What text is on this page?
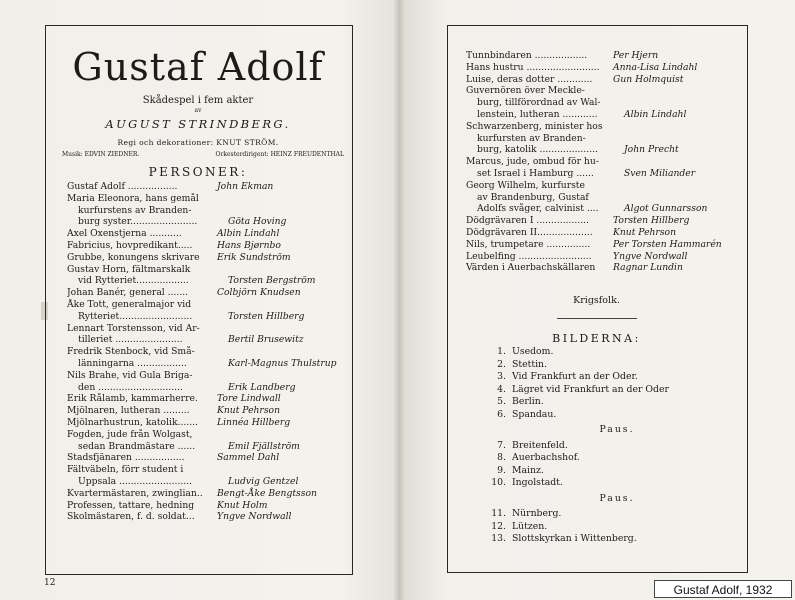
Gustaf Adolf
Skådespel i fem akter
av
AUGUST STRINDBERG.
Regi och dekorationer: KNUT STRÖM.
Musik: EDVIN ZIEDNER.	Orkesterdirigent: HEINZ FREUDENTHAL
PERSONER:
Gustaf Adolf .................	John Ekman
Maria Eleonora, hans gemål
kurfurstens av Branden-
burg syster.......................	Göta Hoving
Axel Oxenstjerna ...........	Albin Lindahl
Fabricius, hovpredikant.....	Hans Bjørnbo
Grubbe, konungens skrivare	Erik Sundström
Gustav Horn, fältmarskalk
vid Rytteriet..................	Torsten Bergström
Johan Banér, general .......	Colbjörn Knudsen
Åke Tott, generalmajor vid
Rytteriet.........................	Torsten Hillberg
Lennart Torstensson, vid Ar-
tilleriet .......................	Bertil Brusewitz
Fredrik Stenbock, vid Små-
länningarna .................	Karl-Magnus Thulstrup
Nils Brahe, vid Gula Briga-
den .............................	Erik Landberg
Erik Rålamb, kammarherre.	Tore Lindwall
Mjölnaren, lutheran .........	Knut Pehrson
Mjölnarhustrun, katolik.......	Linnéa Hillberg
Fogden, jude från Wolgast,
sedan Brandmästare ......	Emil Fjällström
Stadsfjänaren .................	Sammel Dahl
Fältväbeln, förr student i
Uppsala .........................	Ludvig Gentzel
Kvartermästaren, zwinglian..	Bengt-Åke Bengtsson
Professen, tattare, hedning	Knut Holm
Skolmästaren, f. d. soldat...	Yngve Nordwall
Tunnbindaren ..................	Per Hjern
Hans hustru .........................	Anna-Lisa Lindahl
Luise, deras dotter ............	Gun Holmquist
Guvernören över Meckle-
burg, tillförordnad av Wal-
lenstein, lutheran ............	Albin Lindahl
Schwarzenberg, minister hos
kurfursten av Branden-
burg, katolik ....................	John Precht
Marcus, jude, ombud för hu-
set Israel i Hamburg ......	Sven Miliander
Georg Wilhelm, kurfurste
av Brandenburg, Gustaf
Adolfs svåger, calvinist ....	Algot Gunnarsson
Dödgrävaren I ..................	Torsten Hillberg
Dödgrävaren II...................	Knut Pehrson
Nils, trumpetare ...............	Per Torsten Hammarén
Leubelfing .........................	Yngve Nordwall
Värden i Auerbachskällaren	Ragnar Lundin
Krigsfolk.
BILDERNA:
1. Usedom.
2. Stettin.
3. Vid Frankfurt an der Oder.
4. Lägret vid Frankfurt an der Oder
5. Berlin.
6. Spandau.
Paus.
7. Breitenfeld.
8. Auerbachshof.
9. Mainz.
10. Ingolstadt.
Paus.
11. Nürnberg.
12. Lützen.
13. Slottskyrkan i Wittenberg.
12	Gustaf Adolf, 1932
